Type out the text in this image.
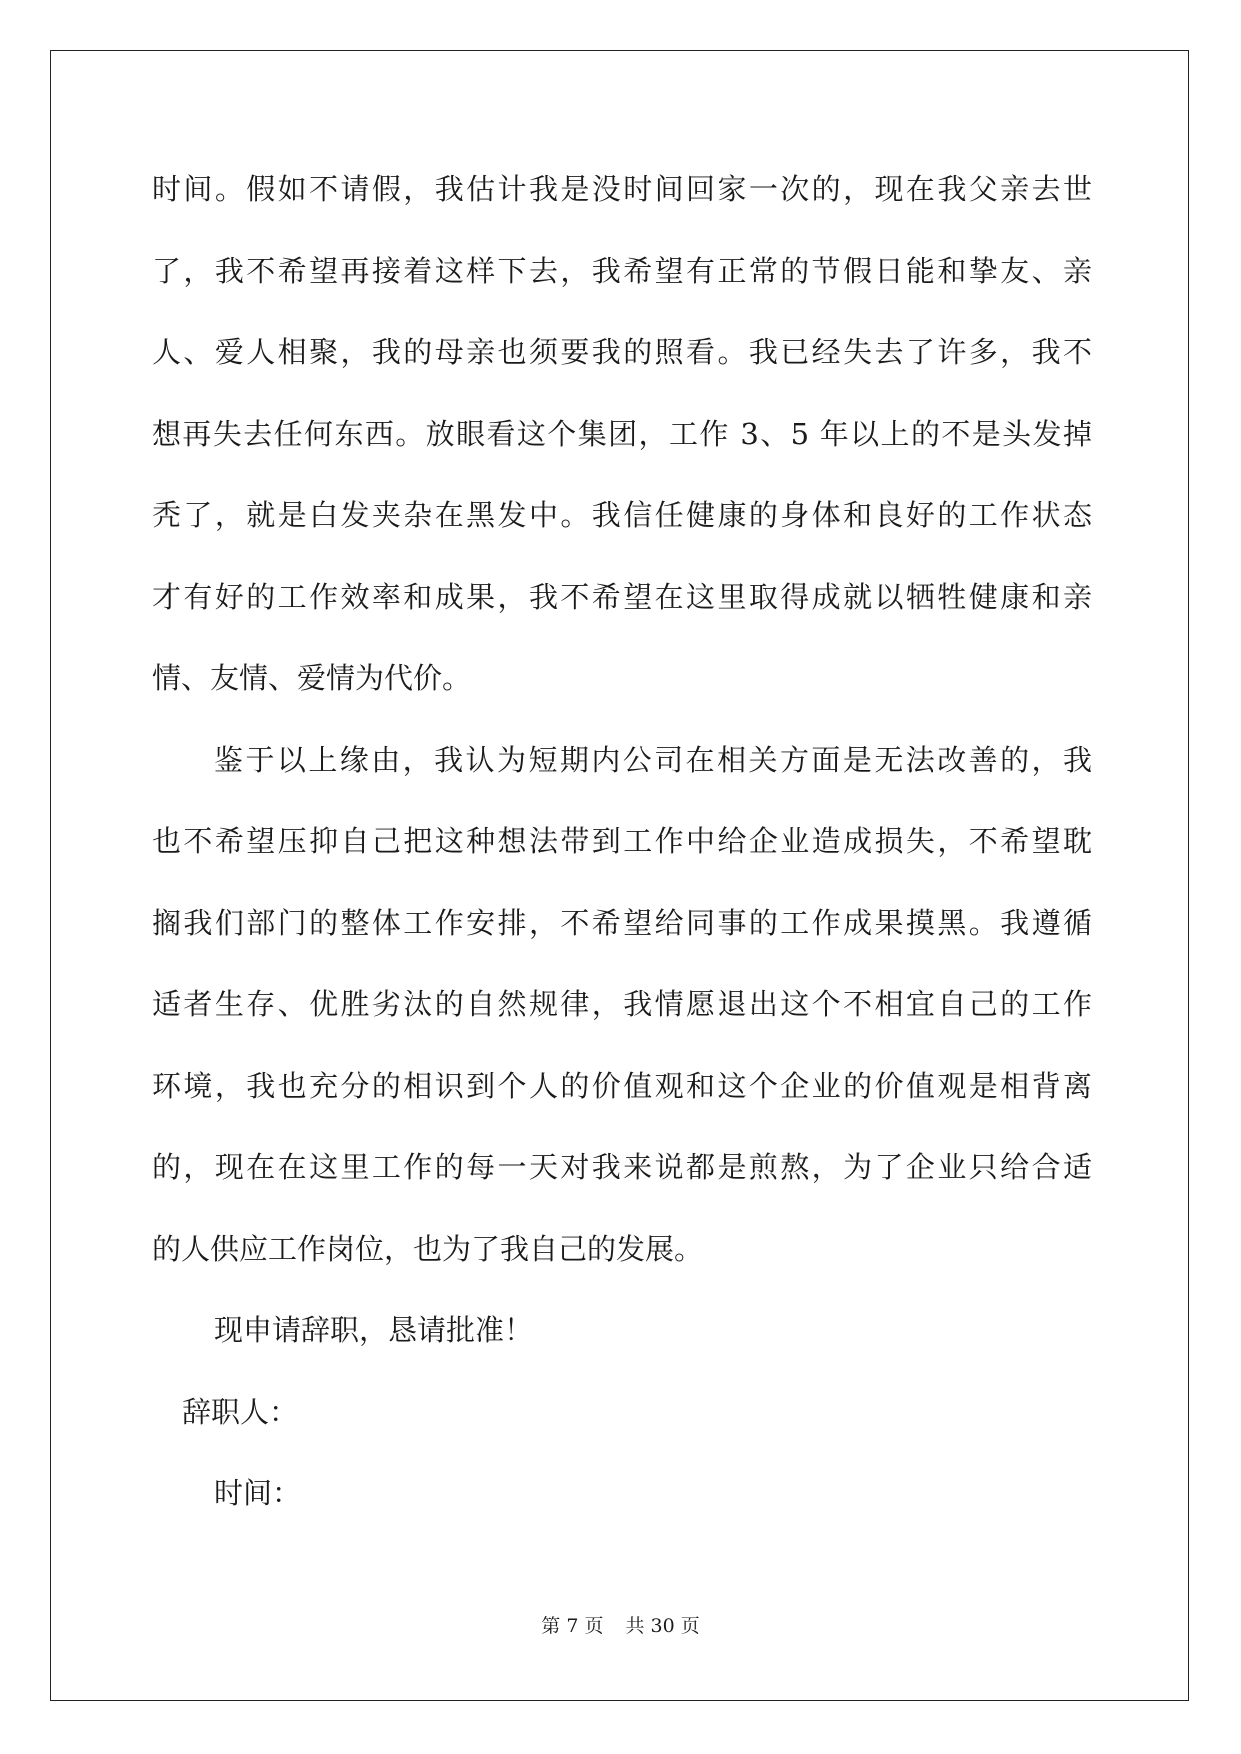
时间。假如不请假，我估计我是没时间回家一次的，现在我父亲去世
了，我不希望再接着这样下去，我希望有正常的节假日能和挚友、亲
人、爱人相聚，我的母亲也须要我的照看。我已经失去了许多，我不
想再失去任何东西。放眼看这个集团，工作 3、5 年以上的不是头发掉
秃了，就是白发夹杂在黑发中。我信任健康的身体和良好的工作状态
才有好的工作效率和成果，我不希望在这里取得成就以牺牲健康和亲
情、友情、爱情为代价。
鉴于以上缘由，我认为短期内公司在相关方面是无法改善的，我
也不希望压抑自己把这种想法带到工作中给企业造成损失，不希望耽
搁我们部门的整体工作安排，不希望给同事的工作成果摸黑。我遵循
适者生存、优胜劣汰的自然规律，我情愿退出这个不相宜自己的工作
环境，我也充分的相识到个人的价值观和这个企业的价值观是相背离
的，现在在这里工作的每一天对我来说都是煎熬，为了企业只给合适
的人供应工作岗位，也为了我自己的发展。
现申请辞职，恳请批准！
辞职人：
时间：
第 7 页 共 30 页
